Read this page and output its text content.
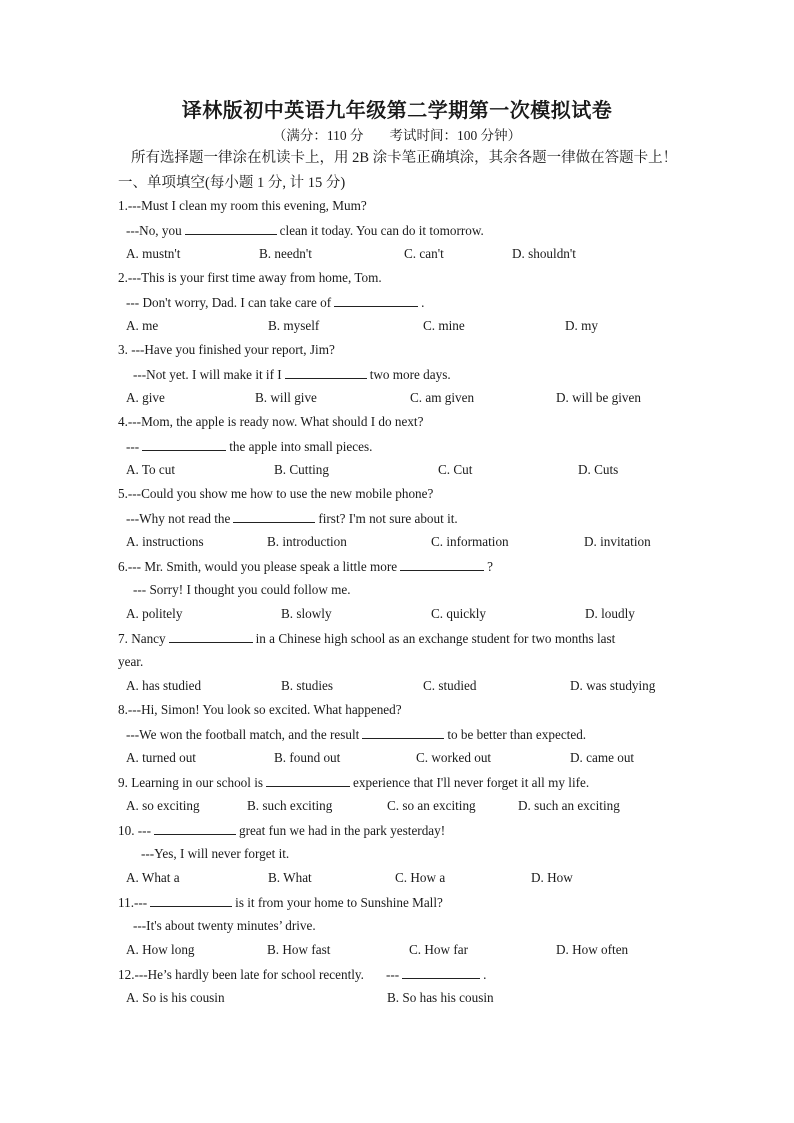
译林版初中英语九年级第二学期第一次模拟试卷
（满分：110 分 考试时间：100 分钟）
所有选择题一律涂在机读卡上，用 2B 涂卡笔正确填涂，其余各题一律做在答题卡上！
一、单项填空(每小题 1 分, 计 15 分)
1.---Must I clean my room this evening, Mum?
---No, you	clean it today. You can do it tomorrow.
A. mustn't	B. needn't	C. can't	D. shouldn't
2.---This is your first time away from home, Tom.
--- Don't worry, Dad. I can take care of	.
A. me	B. myself	C. mine	D. my
3. ---Have you finished your report, Jim?
---Not yet. I will make it if I	two more days.
A. give	B. will give	C. am given	D. will be given
4.---Mom, the apple is ready now. What should I do next?
---	the apple into small pieces.
A. To cut	B. Cutting	C. Cut	D. Cuts
5.---Could you show me how to use the new mobile phone?
---Why not read the	first? I'm not sure about it.
A. instructions	B. introduction	C. information	D. invitation
6.--- Mr. Smith, would you please speak a little more	?
--- Sorry! I thought you could follow me.
A. politely	B. slowly	C. quickly	D. loudly
7. Nancy	in a Chinese high school as an exchange student for two months last
year.
A. has studied	B. studies	C. studied	D. was studying
8.---Hi, Simon! You look so excited. What happened?
---We won the football match, and the result	to be better than expected.
A. turned out	B. found out	C. worked out	D. came out
9. Learning in our school is	experience that I'll never forget it all my life.
A. so exciting	B. such exciting	C. so an exciting	D. such an exciting
10. ---	great fun we had in the park yesterday!
---Yes, I will never forget it.
A. What a	B. What	C. How a	D. How
11.---	is it from your home to Sunshine Mall?
---It's about twenty minutes’ drive.
A. How long	B. How fast	C. How far	D. How often
12.---He’s hardly been late for school recently. ---	.
A. So is his cousin	B. So has his cousin
